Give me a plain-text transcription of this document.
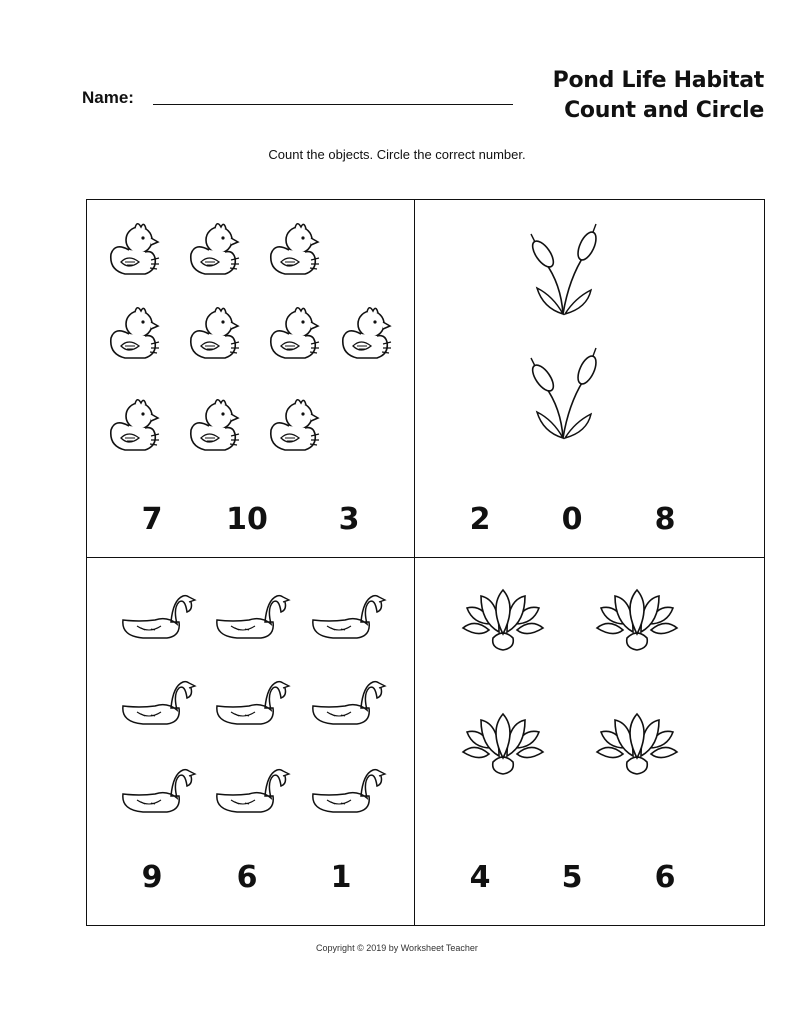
Name:
Pond Life Habitat
Count and Circle
Count the objects. Circle the correct number.
7	10	3	2	0	8
9	6	1	4	5	6
Copyright © 2019 by Worksheet Teacher
